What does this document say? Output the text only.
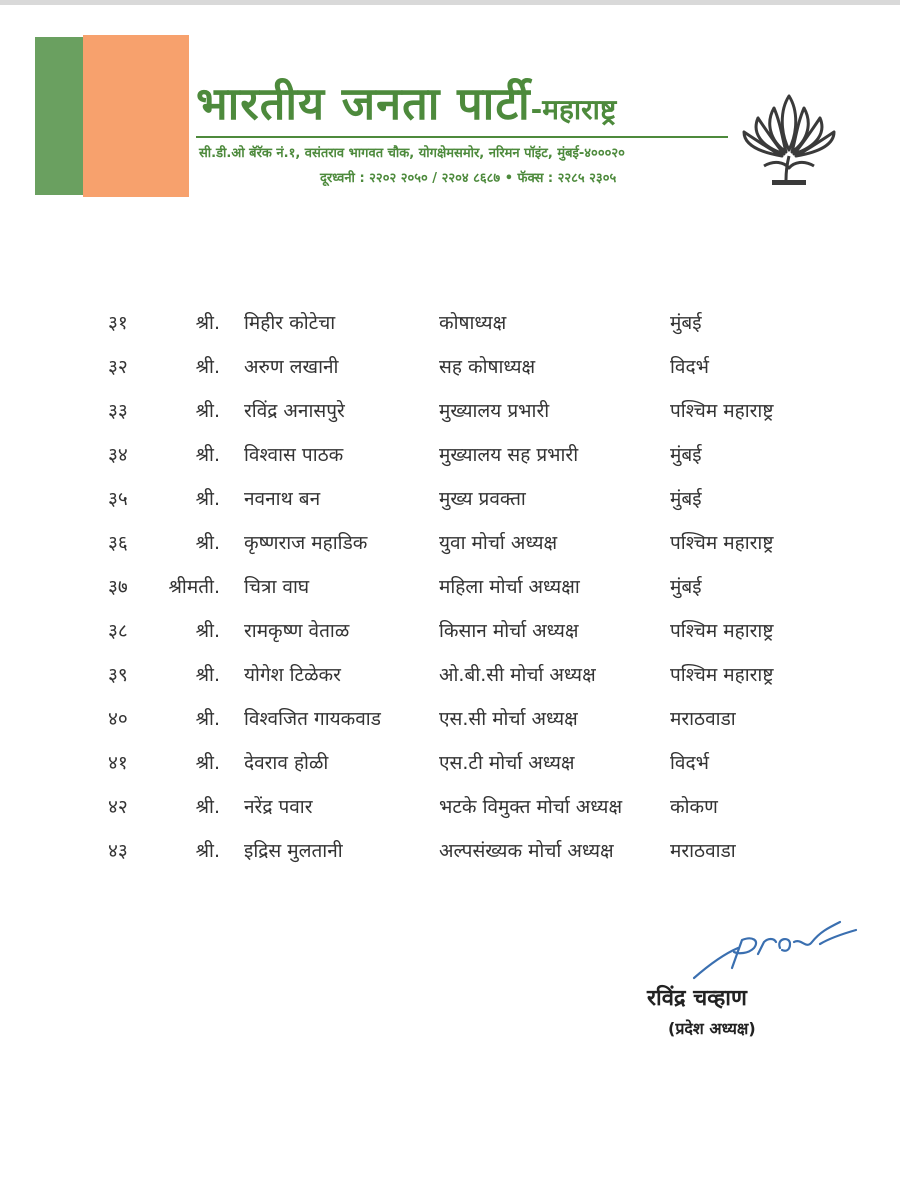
भारतीय जनता पार्टी-महाराष्ट्र
सी.डी.ओ बॅरॅक नं.१, वसंतराव भागवत चौक, योगक्षेमसमोर, नरिमन पॉइंट, मुंबई-४०००२०
दूरध्वनी : २२०२ २०५० / २२०४ ८६८७ • फॅक्स : २२८५ २३०५
३१	श्री. मिहीर कोटेचा	कोषाध्यक्ष	मुंबई
३२	श्री. अरुण लखानी	सह कोषाध्यक्ष	विदर्भ
३३	श्री. रविंद्र अनासपुरे	मुख्यालय प्रभारी	पश्चिम महाराष्ट्र
३४	श्री. विश्वास पाठक	मुख्यालय सह प्रभारी	मुंबई
३५	श्री. नवनाथ बन	मुख्य प्रवक्ता	मुंबई
३६	श्री. कृष्णराज महाडिक	युवा मोर्चा अध्यक्ष	पश्चिम महाराष्ट्र
३७ श्रीमती. चित्रा वाघ	महिला मोर्चा अध्यक्षा	मुंबई
३८	श्री. रामकृष्ण वेताळ	किसान मोर्चा अध्यक्ष	पश्चिम महाराष्ट्र
३९	श्री. योगेश टिळेकर	ओ.बी.सी मोर्चा अध्यक्ष	पश्चिम महाराष्ट्र
४०	श्री. विश्वजित गायकवाड	एस.सी मोर्चा अध्यक्ष	मराठवाडा
४१	श्री. देवराव होळी	एस.टी मोर्चा अध्यक्ष	विदर्भ
४२	श्री. नरेंद्र पवार	भटके विमुक्त मोर्चा अध्यक्ष	कोकण
४३	श्री. इद्रिस मुलतानी	अल्पसंख्यक मोर्चा अध्यक्ष	मराठवाडा
रविंद्र चव्हाण
(प्रदेश अध्यक्ष)
